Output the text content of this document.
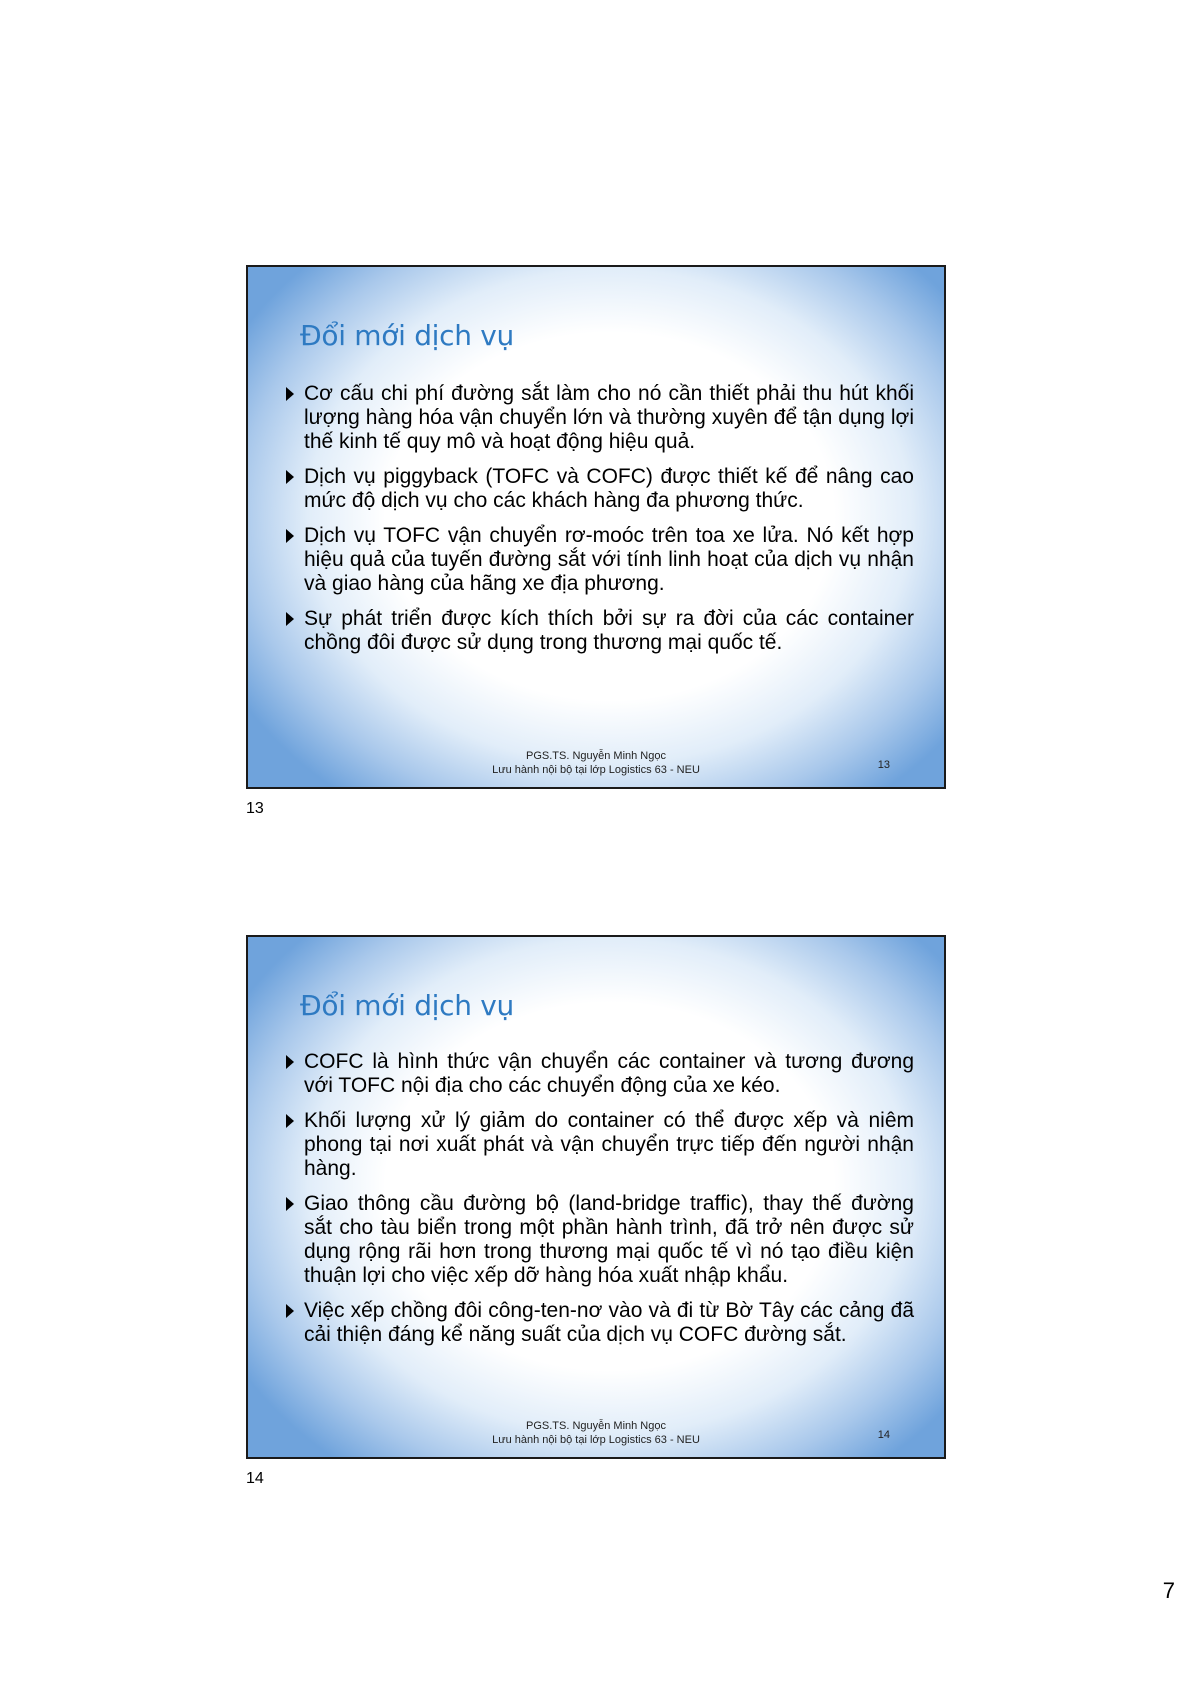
Đổi mới dịch vụ
Cơ cấu chi phí đường sắt làm cho nó cần thiết phải thu hút khối lượng hàng hóa vận chuyển lớn và thường xuyên để tận dụng lợi thế kinh tế quy mô và hoạt động hiệu quả.
Dịch vụ piggyback (TOFC và COFC) được thiết kế để nâng cao mức độ dịch vụ cho các khách hàng đa phương thức.
Dịch vụ TOFC vận chuyển rơ-moóc trên toa xe lửa. Nó kết hợp hiệu quả của tuyến đường sắt với tính linh hoạt của dịch vụ nhận và giao hàng của hãng xe địa phương.
Sự phát triển được kích thích bởi sự ra đời của các container chồng đôi được sử dụng trong thương mại quốc tế.
PGS.TS. Nguyễn Minh Ngọc
Lưu hành nội bộ tại lớp Logistics 63 - NEU	13
13
Đổi mới dịch vụ
COFC là hình thức vận chuyển các container và tương đương với TOFC nội địa cho các chuyển động của xe kéo.
Khối lượng xử lý giảm do container có thể được xếp và niêm phong tại nơi xuất phát và vận chuyển trực tiếp đến người nhận hàng.
Giao thông cầu đường bộ (land-bridge traffic), thay thế đường sắt cho tàu biển trong một phần hành trình, đã trở nên được sử dụng rộng rãi hơn trong thương mại quốc tế vì nó tạo điều kiện thuận lợi cho việc xếp dỡ hàng hóa xuất nhập khẩu.
Việc xếp chồng đôi công-ten-nơ vào và đi từ Bờ Tây các cảng đã cải thiện đáng kể năng suất của dịch vụ COFC đường sắt.
PGS.TS. Nguyễn Minh Ngọc
Lưu hành nội bộ tại lớp Logistics 63 - NEU	14
14
7
